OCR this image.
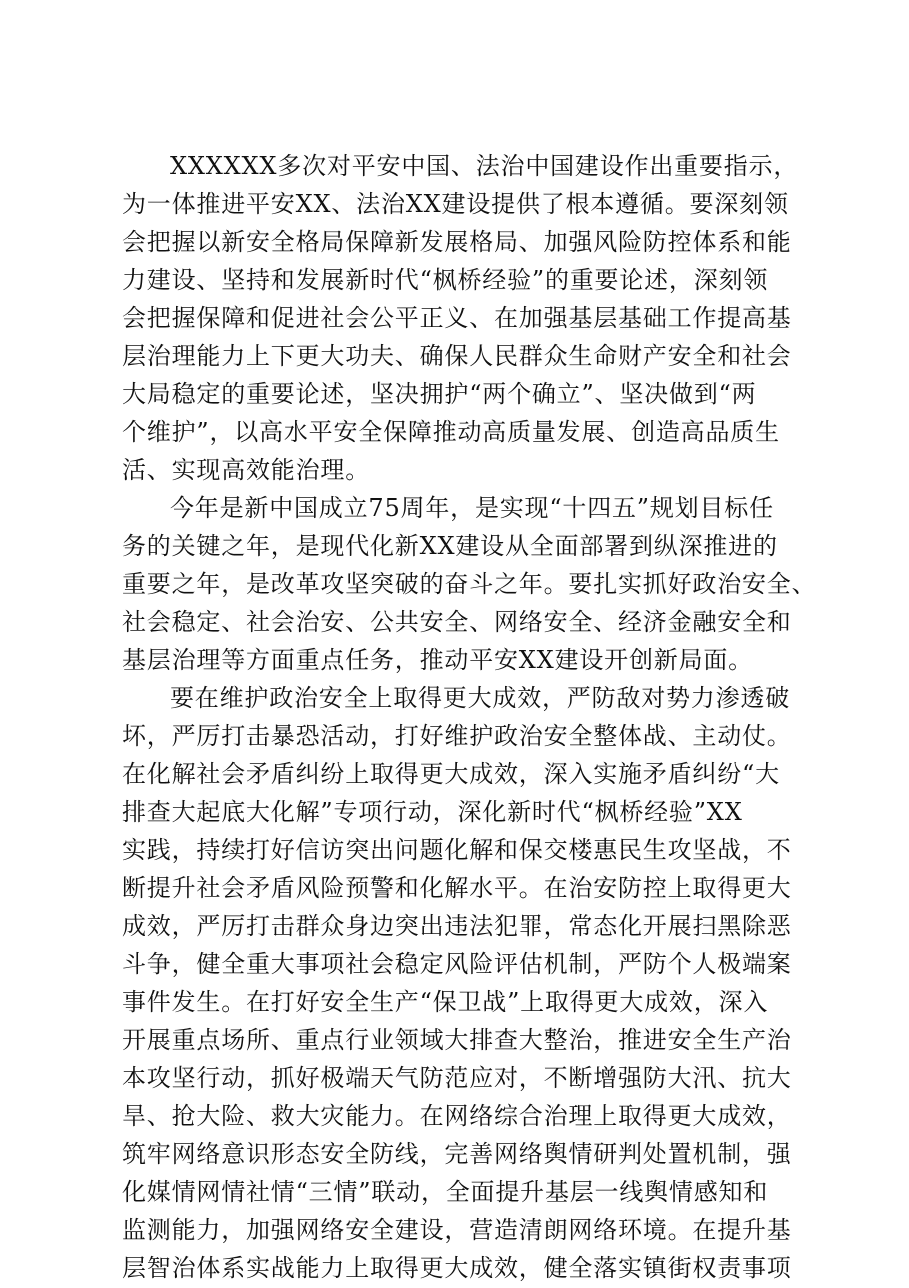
XXXXXX多次对平安中国、法治中国建设作出重要指示，
为一体推进平安XX、法治XX建设提供了根本遵循。要深刻领
会把握以新安全格局保障新发展格局、加强风险防控体系和能
力建设、坚持和发展新时代“枫桥经验”的重要论述，深刻领
会把握保障和促进社会公平正义、在加强基层基础工作提高基
层治理能力上下更大功夫、确保人民群众生命财产安全和社会
大局稳定的重要论述，坚决拥护“两个确立”、坚决做到“两
个维护”，以高水平安全保障推动高质量发展、创造高品质生
活、实现高效能治理。
今年是新中国成立75周年，是实现“十四五”规划目标任
务的关键之年，是现代化新XX建设从全面部署到纵深推进的
重要之年，是改革攻坚突破的奋斗之年。要扎实抓好政治安全、
社会稳定、社会治安、公共安全、网络安全、经济金融安全和
基层治理等方面重点任务，推动平安XX建设开创新局面。
要在维护政治安全上取得更大成效，严防敌对势力渗透破
坏，严厉打击暴恐活动，打好维护政治安全整体战、主动仗。
在化解社会矛盾纠纷上取得更大成效，深入实施矛盾纠纷“大
排查大起底大化解”专项行动，深化新时代“枫桥经验”XX
实践，持续打好信访突出问题化解和保交楼惠民生攻坚战，不
断提升社会矛盾风险预警和化解水平。在治安防控上取得更大
成效，严厉打击群众身边突出违法犯罪，常态化开展扫黑除恶
斗争，健全重大事项社会稳定风险评估机制，严防个人极端案
事件发生。在打好安全生产“保卫战”上取得更大成效，深入
开展重点场所、重点行业领域大排查大整治，推进安全生产治
本攻坚行动，抓好极端天气防范应对，不断增强防大汛、抗大
旱、抢大险、救大灾能力。在网络综合治理上取得更大成效，
筑牢网络意识形态安全防线，完善网络舆情研判处置机制，强
化媒情网情社情“三情”联动，全面提升基层一线舆情感知和
监测能力，加强网络安全建设，营造清朗网络环境。在提升基
层智治体系实战能力上取得更大成效，健全落实镇街权责事项
